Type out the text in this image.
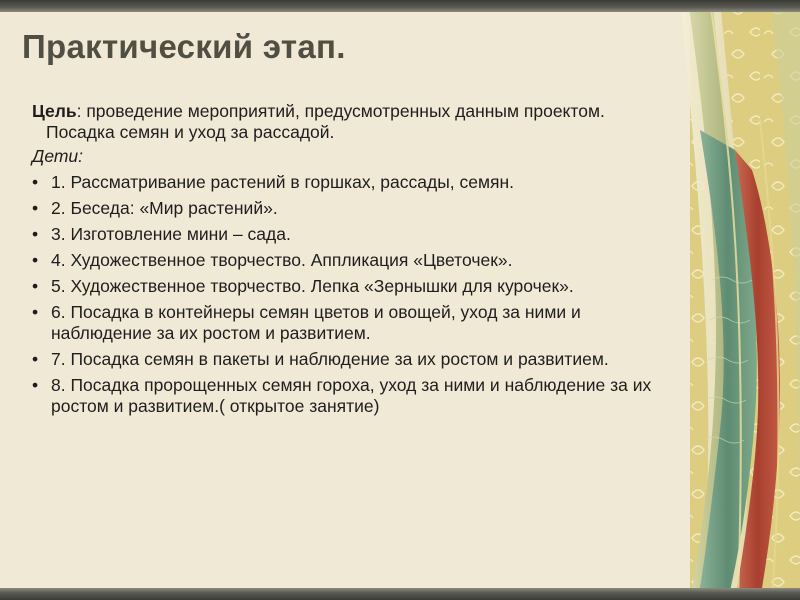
Практический этап.

Цель: проведение мероприятий, предусмотренных данным проектом. Посадка семян и уход за рассадой.

Дети:

• 1. Рассматривание растений в горшках, рассады, семян.
• 2. Беседа: «Мир растений».
• 3. Изготовление мини – сада.
• 4. Художественное творчество. Аппликация «Цветочек».
• 5. Художественное творчество. Лепка «Зернышки для курочек».
• 6. Посадка в контейнеры семян цветов и овощей, уход за ними и наблюдение за их ростом и развитием.
• 7. Посадка семян в пакеты и наблюдение за их ростом и развитием.
• 8. Посадка пророщенных семян гороха, уход за ними и наблюдение за их ростом и развитием.( открытое занятие)
